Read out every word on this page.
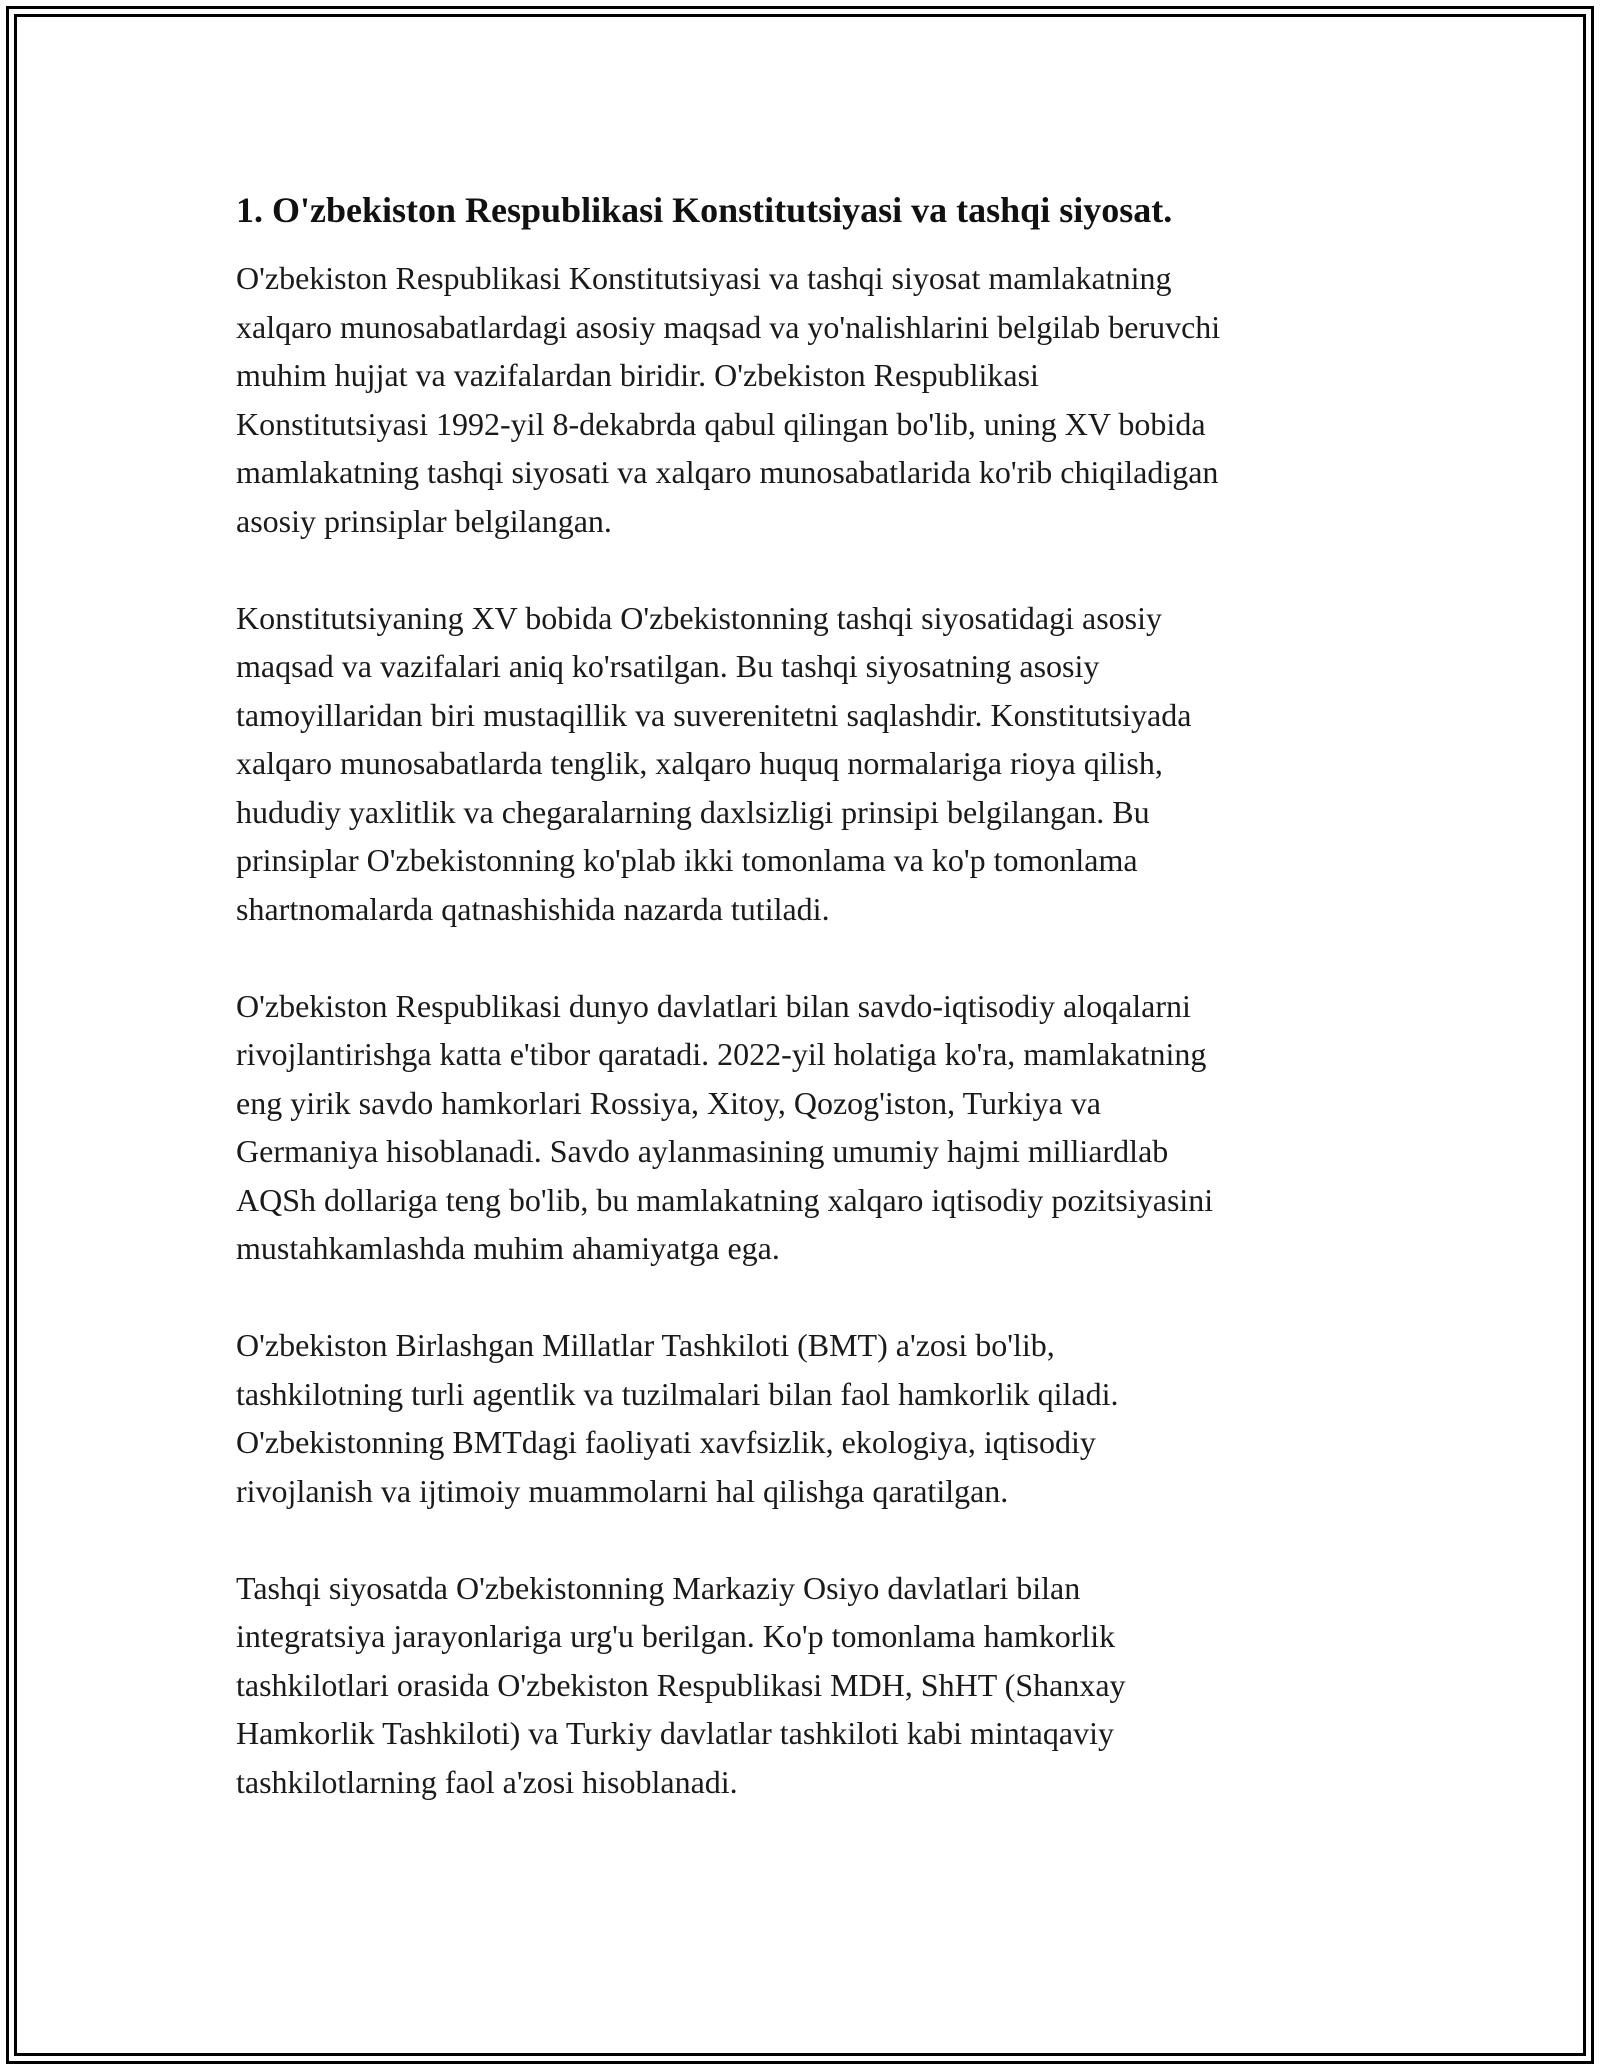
1. O'zbekiston Respublikasi Konstitutsiyasi va tashqi siyosat.

O'zbekiston Respublikasi Konstitutsiyasi va tashqi siyosat mamlakatning
xalqaro munosabatlardagi asosiy maqsad va yo'nalishlarini belgilab beruvchi
muhim hujjat va vazifalardan biridir. O'zbekiston Respublikasi
Konstitutsiyasi 1992-yil 8-dekabrda qabul qilingan bo'lib, uning XV bobida
mamlakatning tashqi siyosati va xalqaro munosabatlarida ko'rib chiqiladigan
asosiy prinsiplar belgilangan.

Konstitutsiyaning XV bobida O'zbekistonning tashqi siyosatidagi asosiy
maqsad va vazifalari aniq ko'rsatilgan. Bu tashqi siyosatning asosiy
tamoyillaridan biri mustaqillik va suverenitetni saqlashdir. Konstitutsiyada
xalqaro munosabatlarda tenglik, xalqaro huquq normalariga rioya qilish,
hududiy yaxlitlik va chegaralarning daxlsizligi prinsipi belgilangan. Bu
prinsiplar O'zbekistonning ko'plab ikki tomonlama va ko'p tomonlama
shartnomalarda qatnashishida nazarda tutiladi.

O'zbekiston Respublikasi dunyo davlatlari bilan savdo-iqtisodiy aloqalarni
rivojlantirishga katta e'tibor qaratadi. 2022-yil holatiga ko'ra, mamlakatning
eng yirik savdo hamkorlari Rossiya, Xitoy, Qozog'iston, Turkiya va
Germaniya hisoblanadi. Savdo aylanmasining umumiy hajmi milliardlab
AQSh dollariga teng bo'lib, bu mamlakatning xalqaro iqtisodiy pozitsiyasini
mustahkamlashda muhim ahamiyatga ega.

O'zbekiston Birlashgan Millatlar Tashkiloti (BMT) a'zosi bo'lib,
tashkilotning turli agentlik va tuzilmalari bilan faol hamkorlik qiladi.
O'zbekistonning BMTdagi faoliyati xavfsizlik, ekologiya, iqtisodiy
rivojlanish va ijtimoiy muammolarni hal qilishga qaratilgan.

Tashqi siyosatda O'zbekistonning Markaziy Osiyo davlatlari bilan
integratsiya jarayonlariga urg'u berilgan. Ko'p tomonlama hamkorlik
tashkilotlari orasida O'zbekiston Respublikasi MDH, ShHT (Shanxay
Hamkorlik Tashkiloti) va Turkiy davlatlar tashkiloti kabi mintaqaviy
tashkilotlarning faol a'zosi hisoblanadi.
